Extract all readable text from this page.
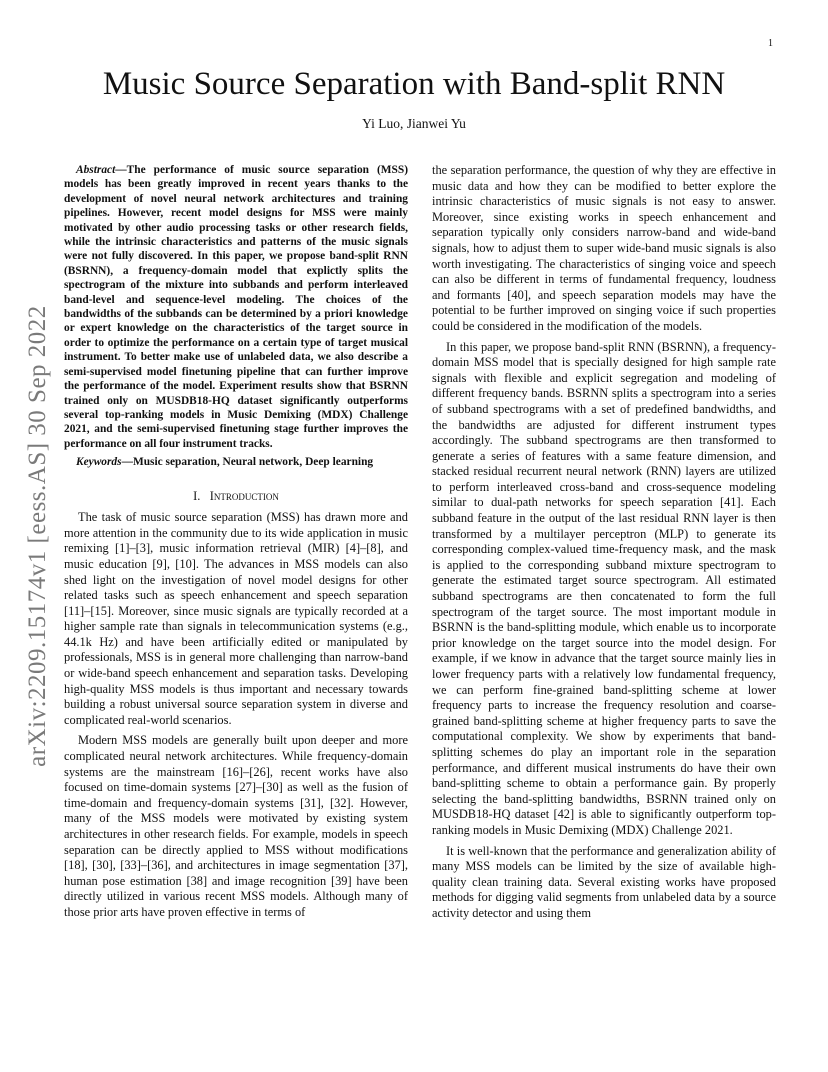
1
arXiv:2209.15174v1 [eess.AS] 30 Sep 2022
Music Source Separation with Band-split RNN
Yi Luo, Jianwei Yu

Abstract—The performance of music source separation (MSS) models has been greatly improved in recent years thanks to the development of novel neural network architectures and training pipelines. However, recent model designs for MSS were mainly motivated by other audio processing tasks or other research fields, while the intrinsic characteristics and patterns of the music signals were not fully discovered. In this paper, we propose band-split RNN (BSRNN), a frequency-domain model that explictly splits the spectrogram of the mixture into subbands and perform interleaved band-level and sequence-level modeling. The choices of the bandwidths of the subbands can be determined by a priori knowledge or expert knowledge on the characteristics of the target source in order to optimize the performance on a certain type of target musical instrument. To better make use of unlabeled data, we also describe a semi-supervised model finetuning pipeline that can further improve the performance of the model. Experiment results show that BSRNN trained only on MUSDB18-HQ dataset significantly outperforms several top-ranking models in Music Demixing (MDX) Challenge 2021, and the semi-supervised finetuning stage further improves the performance on all four instrument tracks.

Keywords—Music separation, Neural network, Deep learning

I. Introduction

The task of music source separation (MSS) has drawn more and more attention in the community due to its wide application in music remixing [1]–[3], music information retrieval (MIR) [4]–[8], and music education [9], [10]. The advances in MSS models can also shed light on the investigation of novel model designs for other related tasks such as speech enhancement and speech separation [11]–[15]. Moreover, since music signals are typically recorded at a higher sample rate than signals in telecommunication systems (e.g., 44.1k Hz) and have been artificially edited or manipulated by professionals, MSS is in general more challenging than narrow-band or wide-band speech enhancement and separation tasks. Developing high-quality MSS models is thus important and necessary towards building a robust universal source separation system in diverse and complicated real-world scenarios.

Modern MSS models are generally built upon deeper and more complicated neural network architectures. While frequency-domain systems are the mainstream [16]–[26], recent works have also focused on time-domain systems [27]–[30] as well as the fusion of time-domain and frequency-domain systems [31], [32]. However, many of the MSS models were motivated by existing system architectures in other research fields. For example, models in speech separation can be directly applied to MSS without modifications [18], [30], [33]–[36], and architectures in image segmentation [37], human pose estimation [38] and image recognition [39] have been directly utilized in various recent MSS models. Although many of those prior arts have proven effective in terms of

the separation performance, the question of why they are effective in music data and how they can be modified to better explore the intrinsic characteristics of music signals is not easy to answer. Moreover, since existing works in speech enhancement and separation typically only considers narrow-band and wide-band signals, how to adjust them to super wide-band music signals is also worth investigating. The characteristics of singing voice and speech can also be different in terms of fundamental frequency, loudness and formants [40], and speech separation models may have the potential to be further improved on singing voice if such properties could be considered in the modification of the models.

In this paper, we propose band-split RNN (BSRNN), a frequency-domain MSS model that is specially designed for high sample rate signals with flexible and explicit segregation and modeling of different frequency bands. BSRNN splits a spectrogram into a series of subband spectrograms with a set of predefined bandwidths, and the bandwidths are adjusted for different instrument types accordingly. The subband spectrograms are then transformed to generate a series of features with a same feature dimension, and stacked residual recurrent neural network (RNN) layers are utilized to perform interleaved cross-band and cross-sequence modeling similar to dual-path networks for speech separation [41]. Each subband feature in the output of the last residual RNN layer is then transformed by a multilayer perceptron (MLP) to generate its corresponding complex-valued time-frequency mask, and the mask is applied to the corresponding subband mixture spectrogram to generate the estimated target source spectrogram. All estimated subband spectrograms are then concatenated to form the full spectrogram of the target source. The most important module in BSRNN is the band-splitting module, which enable us to incorporate prior knowledge on the target source into the model design. For example, if we know in advance that the target source mainly lies in lower frequency parts with a relatively low fundamental frequency, we can perform fine-grained band-splitting scheme at lower frequency parts to increase the frequency resolution and coarse-grained band-splitting scheme at higher frequency parts to save the computational complexity. We show by experiments that band-splitting schemes do play an important role in the separation performance, and different musical instruments do have their own band-splitting scheme to obtain a performance gain. By properly selecting the band-splitting bandwidths, BSRNN trained only on MUSDB18-HQ dataset [42] is able to significantly outperform top-ranking models in Music Demixing (MDX) Challenge 2021.

It is well-known that the performance and generalization ability of many MSS models can be limited by the size of available high-quality clean training data. Several existing works have proposed methods for digging valid segments from unlabeled data by a source activity detector and using them
